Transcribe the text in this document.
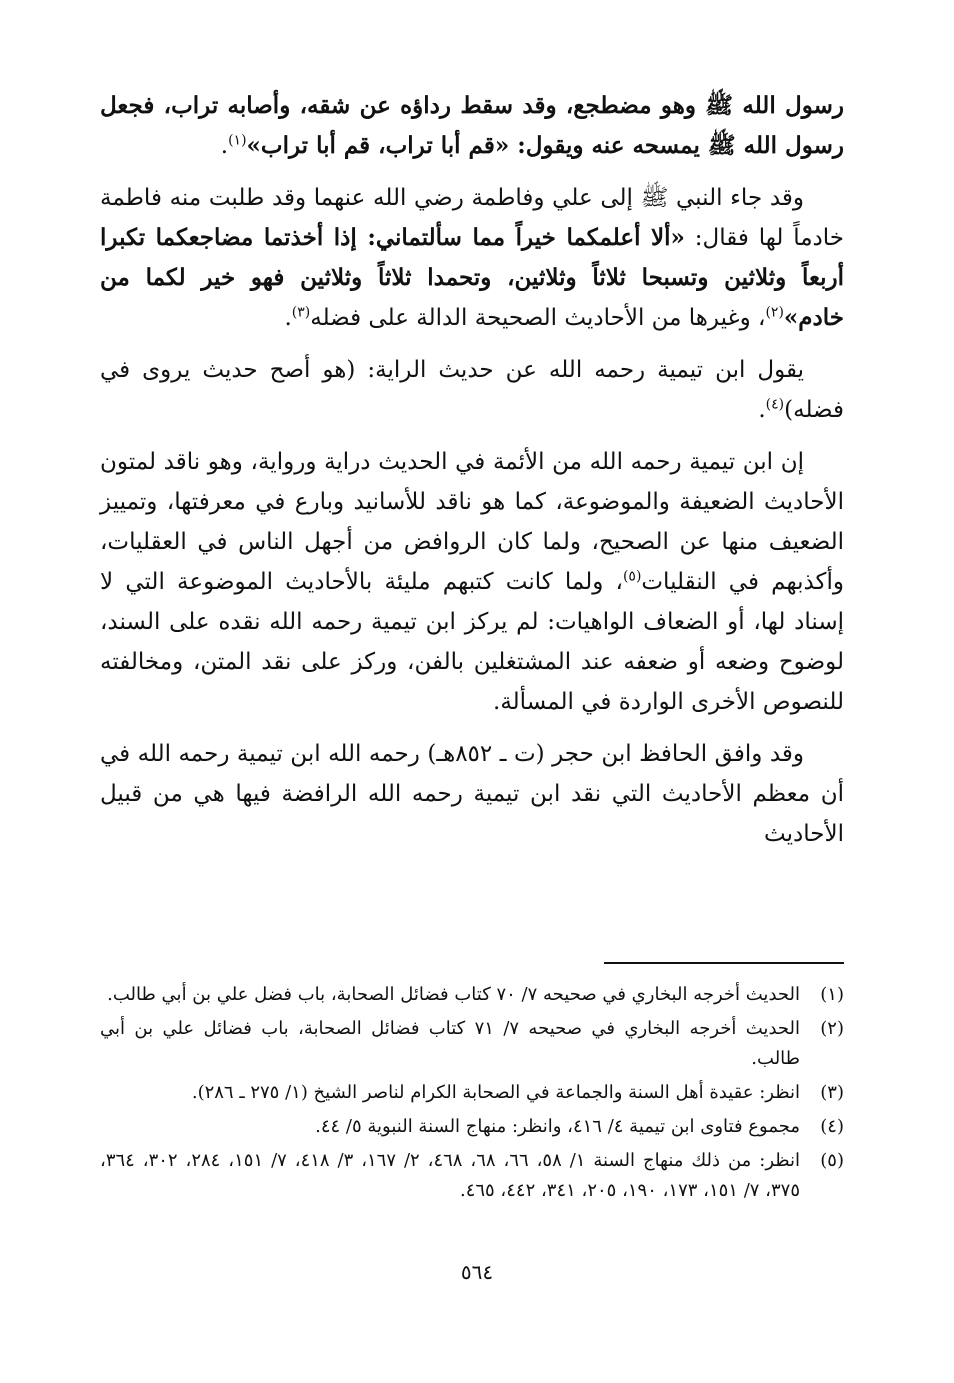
رسول الله ﷺ وهو مضطجع، وقد سقط رداؤه عن شقه، وأصابه تراب، فجعل رسول الله ﷺ يمسحه عنه ويقول: «قم أبا تراب، قم أبا تراب»$^{(١)}$.

وقد جاء النبي ﷺ إلى علي وفاطمة رضي الله عنهما وقد طلبت منه فاطمة خادماً لها فقال: «ألا أعلمكما خيراً مما سألتماني: إذا أخذتما مضاجعكما تكبرا أربعاً وثلاثين وتسبحا ثلاثاً وثلاثين، وتحمدا ثلاثاً وثلاثين فهو خير لكما من خادم»$^{(٢)}$، وغيرها من الأحاديث الصحيحة الدالة على فضله$^{(٣)}$.

يقول ابن تيمية رحمه الله عن حديث الراية: (هو أصح حديث يروى في فضله)$^{(٤)}$.

إن ابن تيمية رحمه الله من الأئمة في الحديث دراية ورواية، وهو ناقد لمتون الأحاديث الضعيفة والموضوعة، كما هو ناقد للأسانيد وبارع في معرفتها، وتمييز الضعيف منها عن الصحيح، ولما كان الروافض من أجهل الناس في العقليات، وأكذبهم في النقليات$^{(٥)}$، ولما كانت كتبهم مليئة بالأحاديث الموضوعة التي لا إسناد لها، أو الضعاف الواهيات: لم يركز ابن تيمية رحمه الله نقده على السند، لوضوح وضعه أو ضعفه عند المشتغلين بالفن، وركز على نقد المتن، ومخالفته للنصوص الأخرى الواردة في المسألة.

وقد وافق الحافظ ابن حجر (ت ـ ٨٥٢هـ) رحمه الله ابن تيمية رحمه الله في أن معظم الأحاديث التي نقد ابن تيمية رحمه الله الرافضة فيها هي من قبيل الأحاديث

(١)
الحديث أخرجه البخاري في صحيحه ٧/ ٧٠ كتاب فضائل الصحابة، باب فضل علي بن أبي طالب.
(٢)
الحديث أخرجه البخاري في صحيحه ٧/ ٧١ كتاب فضائل الصحابة، باب فضائل علي بن أبي طالب.
(٣)
انظر: عقيدة أهل السنة والجماعة في الصحابة الكرام لناصر الشيخ (١/ ٢٧٥ ـ ٢٨٦).
(٤)
مجموع فتاوى ابن تيمية ٤/ ٤١٦، وانظر: منهاج السنة النبوية ٥/ ٤٤.
(٥)
انظر: من ذلك منهاج السنة ١/ ٥٨، ٦٦، ٦٨، ٤٦٨، ٢/ ١٦٧، ٣/ ٤١٨، ٧/ ١٥١، ٢٨٤، ٣٠٢، ٣٦٤، ٣٧٥، ٧/ ١٥١، ١٧٣، ١٩٠، ٢٠٥، ٣٤١، ٤٤٢، ٤٦٥.
٥٦٤
